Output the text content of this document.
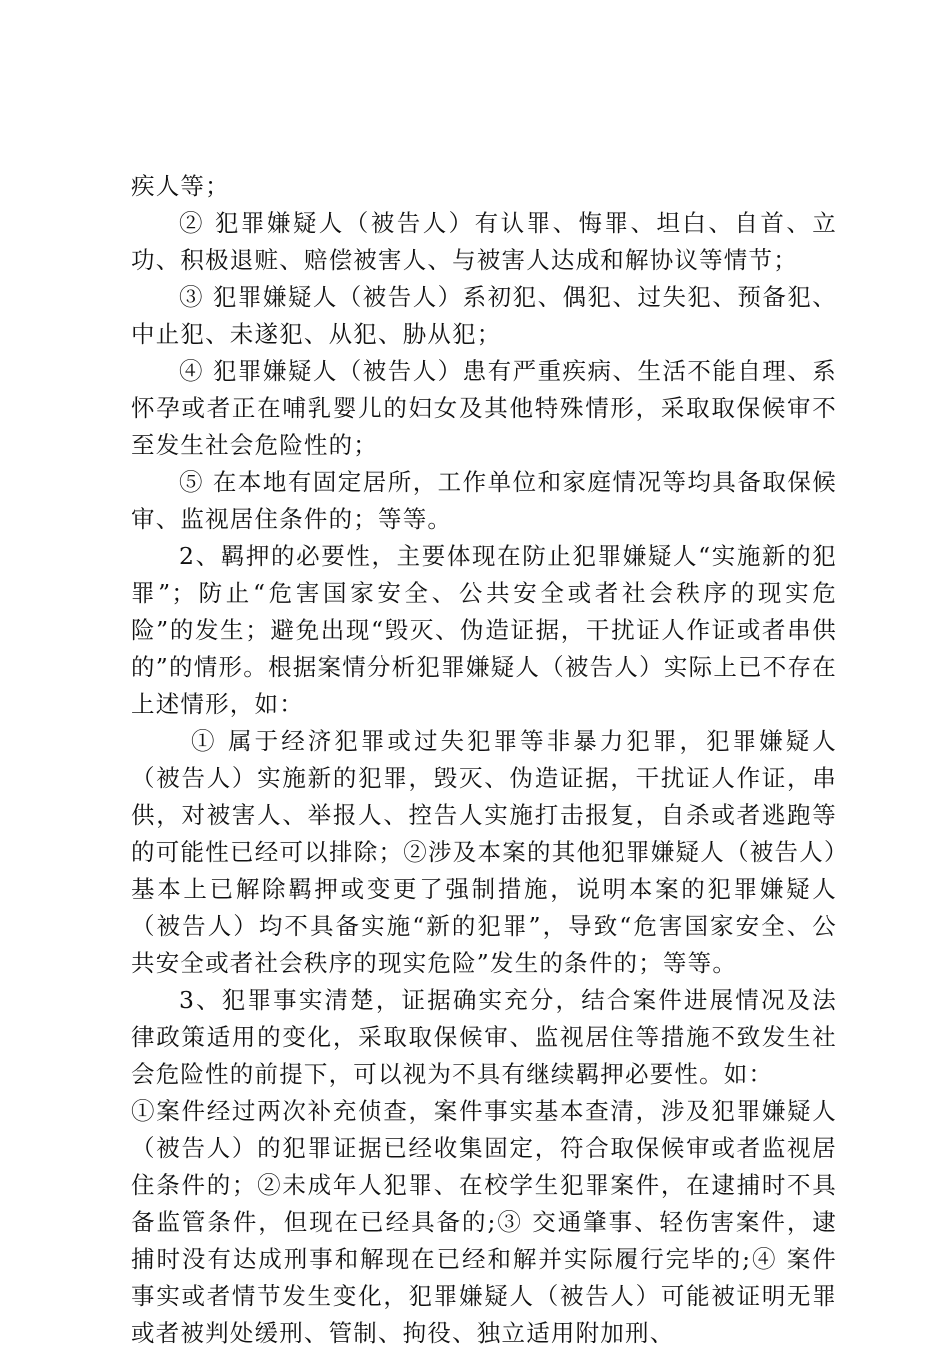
疾人等；

② 犯罪嫌疑人（被告人）有认罪、悔罪、坦白、自首、立功、积极退赃、赔偿被害人、与被害人达成和解协议等情节；

③ 犯罪嫌疑人（被告人）系初犯、偶犯、过失犯、预备犯、中止犯、未遂犯、从犯、胁从犯；

④ 犯罪嫌疑人（被告人）患有严重疾病、生活不能自理、系怀孕或者正在哺乳婴儿的妇女及其他特殊情形，采取取保候审不至发生社会危险性的；

⑤ 在本地有固定居所，工作单位和家庭情况等均具备取保候审、监视居住条件的；等等。

2、羁押的必要性，主要体现在防止犯罪嫌疑人“实施新的犯罪”；防止“危害国家安全、公共安全或者社会秩序的现实危险”的发生；避免出现“毁灭、伪造证据，干扰证人作证或者串供的”的情形。根据案情分析犯罪嫌疑人（被告人）实际上已不存在上述情形，如：

① 属于经济犯罪或过失犯罪等非暴力犯罪，犯罪嫌疑人（被告人）实施新的犯罪，毁灭、伪造证据，干扰证人作证，串供，对被害人、举报人、控告人实施打击报复，自杀或者逃跑等的可能性已经可以排除；②涉及本案的其他犯罪嫌疑人（被告人）基本上已解除羁押或变更了强制措施，说明本案的犯罪嫌疑人（被告人）均不具备实施“新的犯罪”，导致“危害国家安全、公共安全或者社会秩序的现实危险”发生的条件的；等等。

3、犯罪事实清楚，证据确实充分，结合案件进展情况及法律政策适用的变化，采取取保候审、监视居住等措施不致发生社会危险性的前提下，可以视为不具有继续羁押必要性。如：

①案件经过两次补充侦查，案件事实基本查清，涉及犯罪嫌疑人（被告人）的犯罪证据已经收集固定，符合取保候审或者监视居住条件的；②未成年人犯罪、在校学生犯罪案件，在逮捕时不具备监管条件，但现在已经具备的;③ 交通肇事、轻伤害案件，逮捕时没有达成刑事和解现在已经和解并实际履行完毕的;④ 案件事实或者情节发生变化，犯罪嫌疑人（被告人）可能被证明无罪或者被判处缓刑、管制、拘役、独立适用附加刑、
